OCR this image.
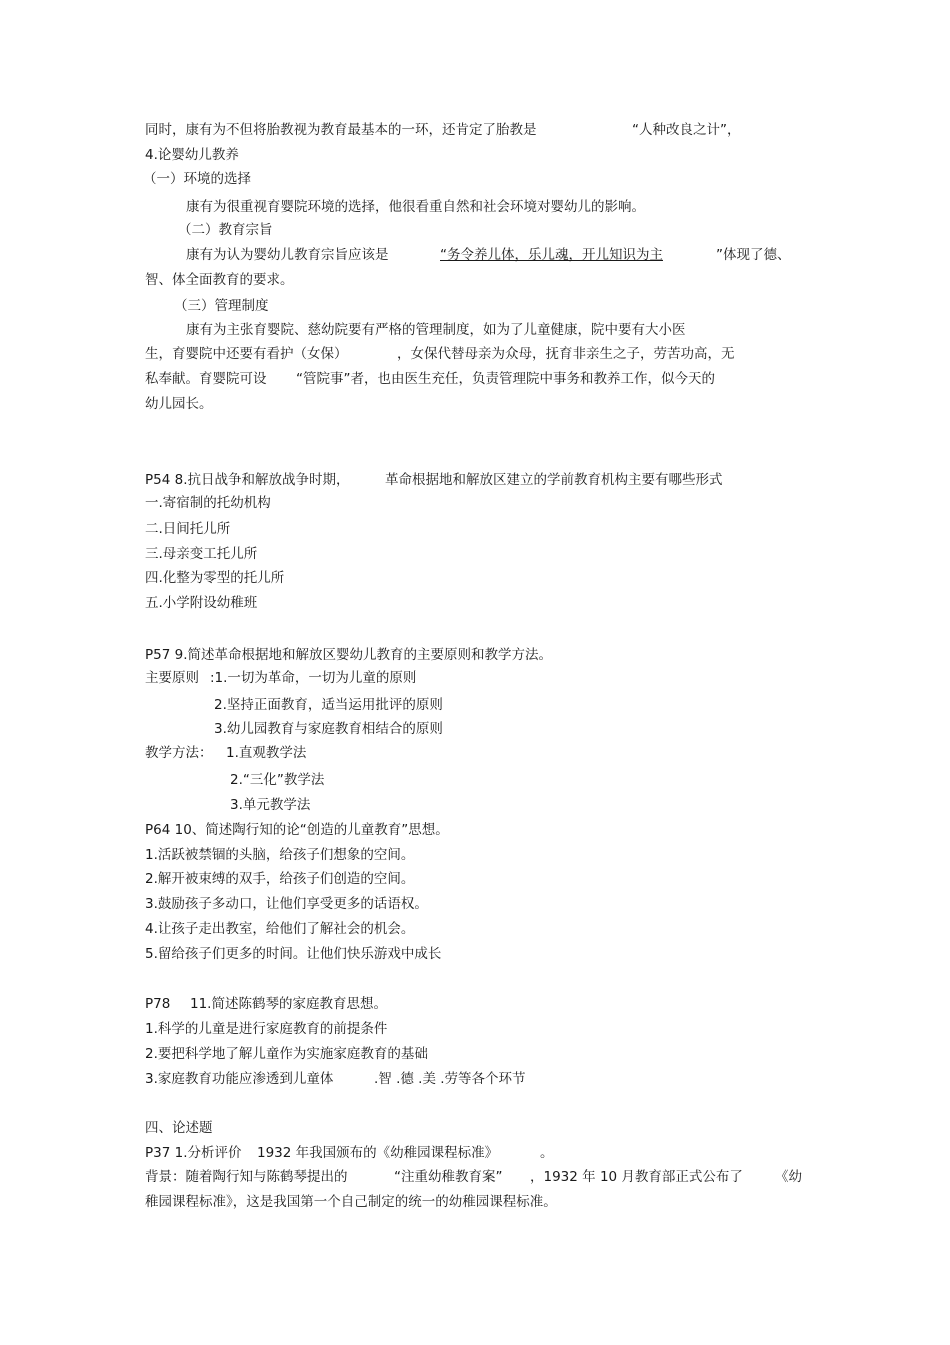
同时，康有为不但将胎教视为教育最基本的一环，还肯定了胎教是	“人种改良之计”，
4.论婴幼儿教养
（一）环境的选择
康有为很重视育婴院环境的选择，他很看重自然和社会环境对婴幼儿的影响。
（二）教育宗旨
康有为认为婴幼儿教育宗旨应该是	“务令养儿体，乐儿魂，开儿知识为主	”体现了德、
智、体全面教育的要求。
（三）管理制度
康有为主张育婴院、慈幼院要有严格的管理制度，如为了儿童健康，院中要有大小医
生，育婴院中还要有看护（女保）	，女保代替母亲为众母，抚育非亲生之子，劳苦功高，无
私奉献。育婴院可设 “管院事”者，也由医生充任，负责管理院中事务和教养工作，似今天的
幼儿园长。
P54 8.抗日战争和解放战争时期，	革命根据地和解放区建立的学前教育机构主要有哪些形式
一.寄宿制的托幼机构
二.日间托儿所
三.母亲变工托儿所
四.化整为零型的托儿所
五.小学附设幼稚班
P57 9.简述革命根据地和解放区婴幼儿教育的主要原则和教学方法。
主要原则 :1.一切为革命，一切为儿童的原则
2.坚持正面教育，适当运用批评的原则
3.幼儿园教育与家庭教育相结合的原则
教学方法： 1.直观教学法
2.“三化”教学法
3.单元教学法
P64 10、简述陶行知的论“创造的儿童教育”思想。
1.活跃被禁锢的头脑，给孩子们想象的空间。
2.解开被束缚的双手，给孩子们创造的空间。
3.鼓励孩子多动口，让他们享受更多的话语权。
4.让孩子走出教室，给他们了解社会的机会。
5.留给孩子们更多的时间。让他们快乐游戏中成长
P78 11.简述陈鹤琴的家庭教育思想。
1.科学的儿童是进行家庭教育的前提条件
2.要把科学地了解儿童作为实施家庭教育的基础
3.家庭教育功能应渗透到儿童体	.智 .德 .美 .劳等各个环节
四、论述题
P37 1.分析评价 1932 年我国颁布的《幼稚园课程标准》	。
背景：随着陶行知与陈鹤琴提出的	“注重幼稚教育案” ，1932 年 10 月教育部正式公布了 《幼
稚园课程标准》，这是我国第一个自己制定的统一的幼稚园课程标准。
